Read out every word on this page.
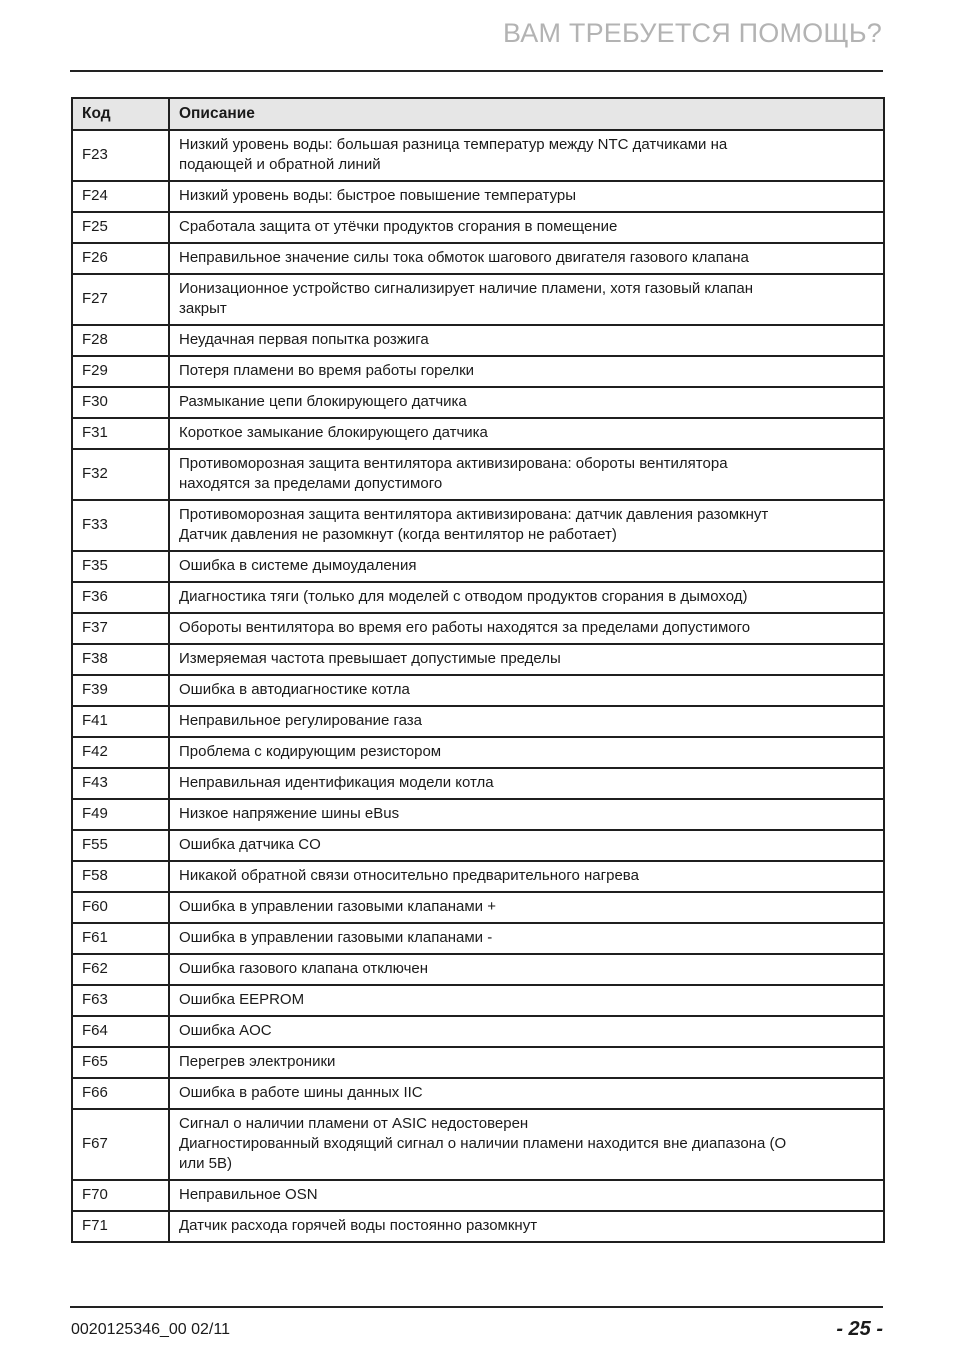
ВАМ ТРЕБУЕТСЯ ПОМОЩЬ?
Код	Описание
F23	Низкий уровень воды: большая разница температур между NTC датчиками на
подающей и обратной линий
F24	Низкий уровень воды: быстрое повышение температуры
F25	Сработала защита от утёчки продуктов сгорания в помещение
F26	Неправильное значение силы тока обмоток шагового двигателя газового клапана
F27	Ионизационное устройство сигнализирует наличие пламени, хотя газовый клапан
закрыт
F28	Неудачная первая попытка розжига
F29	Потеря пламени во время работы горелки
F30	Размыкание цепи блокирующего датчика
F31	Короткое замыкание блокирующего датчика
F32	Противоморозная защита вентилятора активизирована: обороты вентилятора
находятся за пределами допустимого
F33	Противоморозная защита вентилятора активизирована: датчик давления разомкнут
Датчик давления не разомкнут (когда вентилятор не работает)
F35	Ошибка в системе дымоудаления
F36	Диагностика тяги (только для моделей с отводом продуктов сгорания в дымоход)
F37	Обороты вентилятора во время его работы находятся за пределами допустимого
F38	Измеряемая частота превышает допустимые пределы
F39	Ошибка в автодиагностике котла
F41	Неправильное регулирование газа
F42	Проблема с кодирующим резистором
F43	Неправильная идентификация модели котла
F49	Низкое напряжение шины eBus
F55	Ошибка датчика CO
F58	Никакой обратной связи относительно предварительного нагрева
F60	Ошибка в управлении газовыми клапанами +
F61	Ошибка в управлении газовыми клапанами -
F62	Ошибка газового клапана отключен
F63	Ошибка EEPROM
F64	Ошибка AOC
F65	Перегрев электроники
F66	Ошибка в работе шины данных IIC
F67	Сигнал о наличии пламени от ASIC недостоверен
Диагностированный входящий сигнал о наличии пламени находится вне диапазона (О
или 5В)
F70	Неправильное OSN
F71	Датчик расхода горячей воды постоянно разомкнут
0020125346_00 02/11	- 25 -
